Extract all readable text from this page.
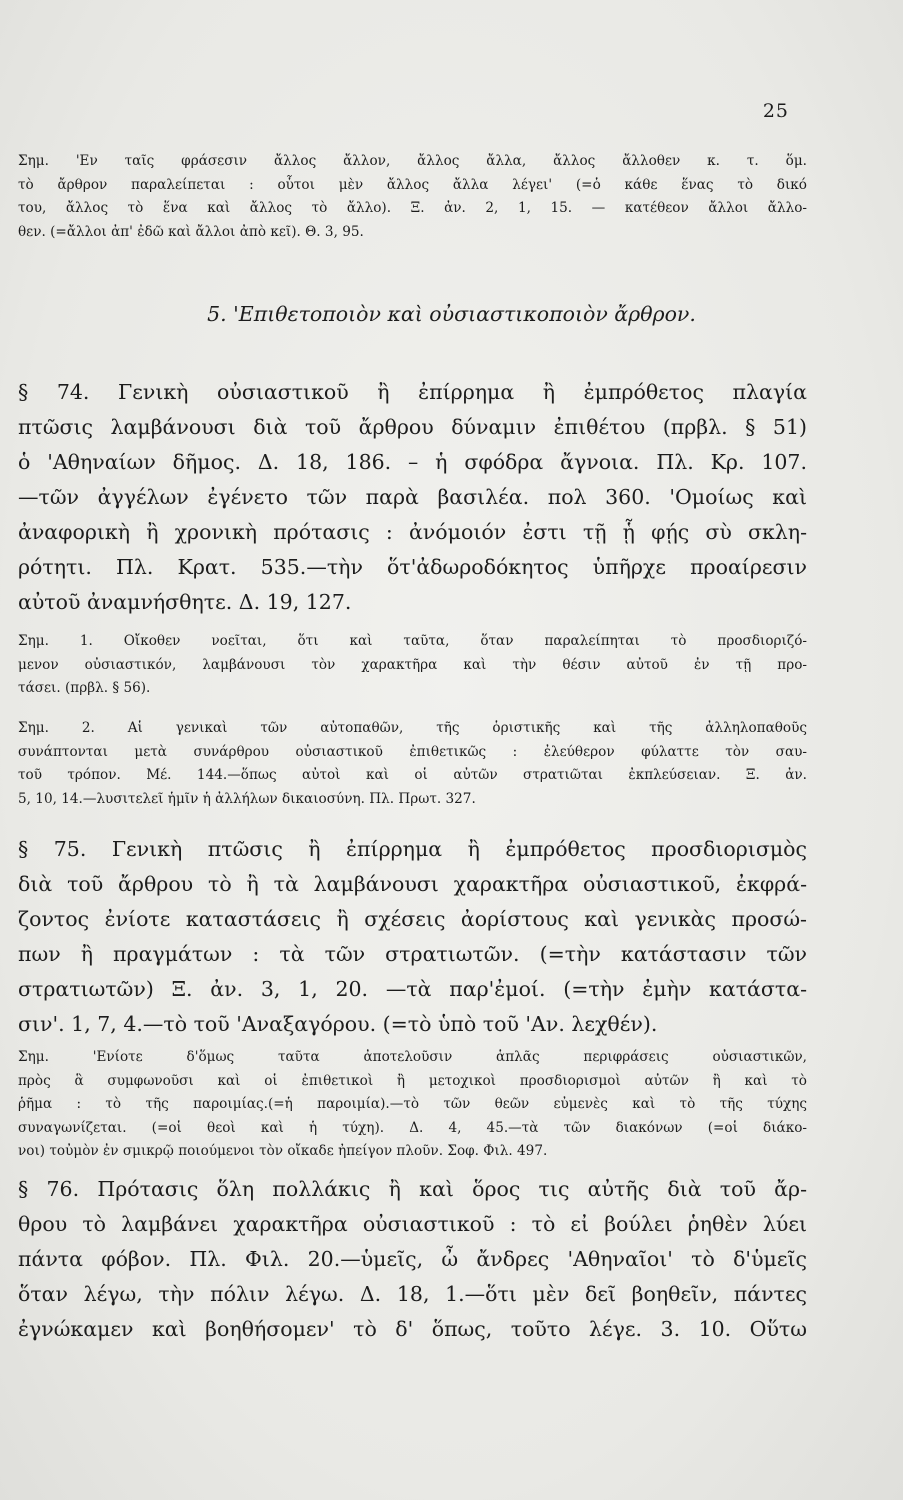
25
Σημ. 'Εν ταῖς φράσεσιν ἄλλος ἄλλον, ἄλλος ἄλλα, ἄλλος ἄλλοθεν κ. τ. ὅμ.
τὸ ἄρθρον παραλείπεται : οὗτοι μὲν ἄλλος ἄλλα λέγει' (=ὁ κάθε ἕνας τὸ δικό
του, ἄλλος τὸ ἕνα καὶ ἄλλος τὸ ἄλλο). Ξ. ἀν. 2, 1, 15. — κατέθεον ἄλλοι ἄλλο-
θεν. (=ἄλλοι ἀπ' ἐδῶ καὶ ἄλλοι ἀπὸ κεῖ). Θ. 3, 95.
5. 'Επιθετοποιὸν καὶ οὐσιαστικοποιὸν ἄρθρον.
§ 74. Γενικὴ οὐσιαστικοῦ ἢ ἐπίρρημα ἢ ἐμπρόθετος πλαγία
πτῶσις λαμβάνουσι διὰ τοῦ ἄρθρου δύναμιν ἐπιθέτου (πρβλ. § 51)
ὁ 'Αθηναίων δῆμος. Δ. 18, 186. – ἡ σφόδρα ἄγνοια. Πλ. Κρ. 107.
—τῶν ἀγγέλων ἐγένετο τῶν παρὰ βασιλέα. πολ 360. 'Ομοίως καὶ
ἀναφορικὴ ἢ χρονικὴ πρότασις : ἀνόμοιόν ἐστι τῇ ᾗ φῄς σὺ σκλη-
ρότητι. Πλ. Κρατ. 535.—τὴν ὅτ'ἀδωροδόκητος ὑπῆρχε προαίρεσιν
αὐτοῦ ἀναμνήσθητε. Δ. 19, 127.
Σημ. 1. Οἴκοθεν νοεῖται, ὅτι καὶ ταῦτα, ὅταν παραλείπηται τὸ προσδιοριζό-
μενον οὐσιαστικόν, λαμβάνουσι τὸν χαρακτῆρα καὶ τὴν θέσιν αὐτοῦ ἐν τῇ προ-
τάσει. (πρβλ. § 56).
Σημ. 2. Αἱ γενικαὶ τῶν αὐτοπαθῶν, τῆς ὁριστικῆς καὶ τῆς ἀλληλοπαθοῦς
συνάπτονται μετὰ συνάρθρου οὐσιαστικοῦ ἐπιθετικῶς : ἐλεύθερον φύλαττε τὸν σαυ-
τοῦ τρόπον. Μέ. 144.—ὅπως αὐτοὶ καὶ οἱ αὐτῶν στρατιῶται ἐκπλεύσειαν. Ξ. ἀν.
5, 10, 14.—λυσιτελεῖ ἡμῖν ἡ ἀλλήλων δικαιοσύνη. Πλ. Πρωτ. 327.
§ 75. Γενικὴ πτῶσις ἢ ἐπίρρημα ἢ ἐμπρόθετος προσδιορισμὸς
διὰ τοῦ ἄρθρου τὸ ἢ τὰ λαμβάνουσι χαρακτῆρα οὐσιαστικοῦ, ἐκφρά-
ζοντος ἐνίοτε καταστάσεις ἢ σχέσεις ἀορίστους καὶ γενικὰς προσώ-
πων ἢ πραγμάτων : τὰ τῶν στρατιωτῶν. (=τὴν κατάστασιν τῶν
στρατιωτῶν) Ξ. ἀν. 3, 1, 20. —τὰ παρ'ἐμοί. (=τὴν ἐμὴν κατάστα-
σιν'. 1, 7, 4.—τὸ τοῦ 'Αναξαγόρου. (=τὸ ὑπὸ τοῦ 'Αν. λεχθέν).
Σημ. 'Ενίοτε δ'ὅμως ταῦτα ἀποτελοῦσιν ἁπλᾶς περιφράσεις οὐσιαστικῶν,
πρὸς ἃ συμφωνοῦσι καὶ οἱ ἐπιθετικοὶ ἢ μετοχικοὶ προσδιορισμοὶ αὐτῶν ἢ καὶ τὸ
ῥῆμα : τὸ τῆς παροιμίας.(=ἡ παροιμία).—τὸ τῶν θεῶν εὐμενὲς καὶ τὸ τῆς τύχης
συναγωνίζεται. (=οἱ θεοὶ καὶ ἡ τύχη). Δ. 4, 45.—τὰ τῶν διακόνων (=οἱ διάκο-
νοι) τοὐμὸν ἐν σμικρῷ ποιούμενοι τὸν οἴκαδε ἠπείγον πλοῦν. Σοφ. Φιλ. 497.
§ 76. Πρότασις ὅλη πολλάκις ἢ καὶ ὅρος τις αὐτῆς διὰ τοῦ ἄρ-
θρου τὸ λαμβάνει χαρακτῆρα οὐσιαστικοῦ : τὸ εἰ βούλει ῥηθὲν λύει
πάντα φόβον. Πλ. Φιλ. 20.—ὑμεῖς, ὦ ἄνδρες 'Αθηναῖοι' τὸ δ'ὑμεῖς
ὅταν λέγω, τὴν πόλιν λέγω. Δ. 18, 1.—ὅτι μὲν δεῖ βοηθεῖν, πάντες
ἐγνώκαμεν καὶ βοηθήσομεν' τὸ δ' ὅπως, τοῦτο λέγε. 3. 10. Οὕτω
